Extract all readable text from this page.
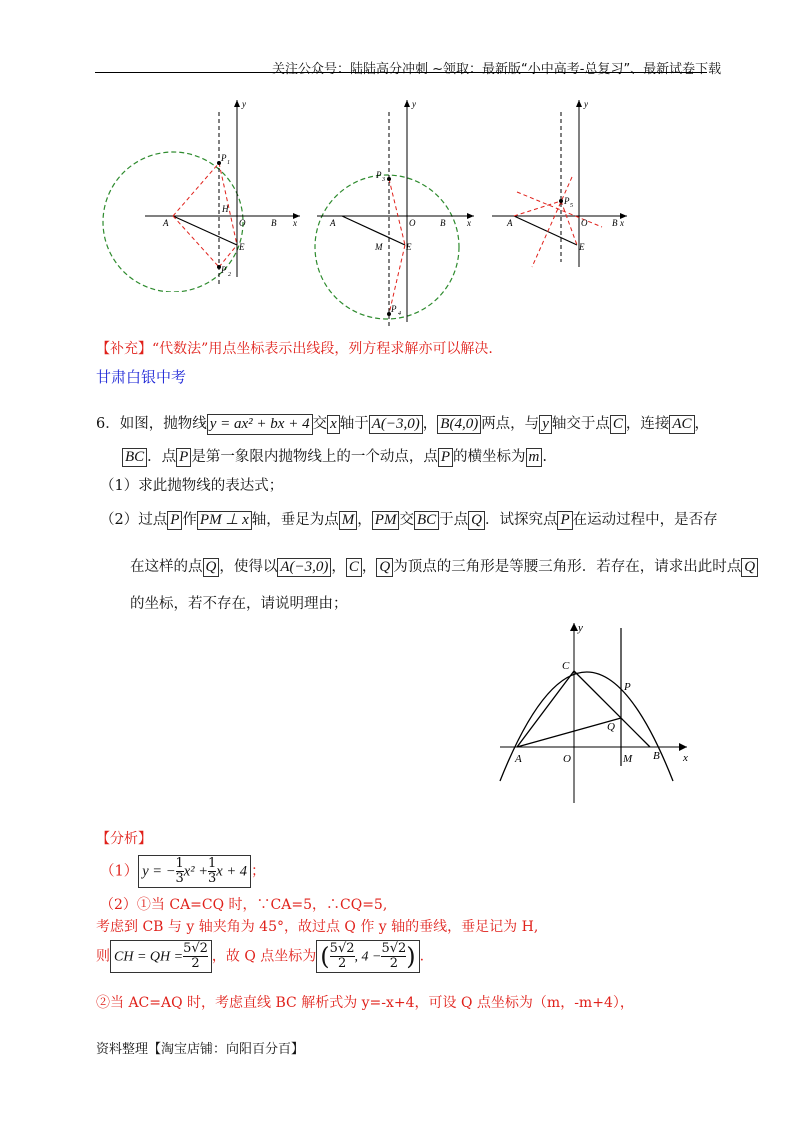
关注公众号：陆陆高分冲刺 ~领取：最新版“小中高考-总复习”、最新试卷下载
y
x
P 1
H
O	B
A
E
P 2
y
x
P 3
O	B
A
M	E
P 4
y
x
P 5
O	B
A
E
【补充】“代数法”用点坐标表示出线段，列方程求解亦可以解决.
甘肃白银中考
6．如图，抛物线 y = ax² + bx + 4 交 x 轴于 A(−3,0) ， B(4,0) 两点，与 y 轴交于点 C ，连接 AC ，
BC ．点 P 是第一象限内抛物线上的一个动点，点 P 的横坐标为 m .
（1）求此抛物线的表达式；
（2）过点 P 作 PM ⊥ x 轴，垂足为点 M ， PM 交 BC 于点 Q ．试探究点 P 在运动过程中，是否存
在这样的点 Q ，使得以 A(−3,0) ， C ， Q 为顶点的三角形是等腰三角形．若存在，请求出此时点 Q
的坐标，若不存在，请说明理由；
y
x
C
P
Q
A	O	M B
【分析】
（1） y = − $\frac{1}{3} x^2 + \frac{1}{3}$ x + 4 ；
（2）①当 CA=CQ 时，∵CA=5，∴CQ=5,
考虑到 CB 与 y 轴夹角为 45°，故过点 Q 作 y 轴的垂线，垂足记为 H,
则 CH = QH = $\frac{5√2}{2}$ ，故 Q 点坐标为 ( $\frac{5√2}{2}$ , $4 - \frac{5√2}{2}$ ) .
②当 AC=AQ 时，考虑直线 BC 解析式为 y=-x+4，可设 Q 点坐标为（m，-m+4），
资料整理【淘宝店铺：向阳百分百】
